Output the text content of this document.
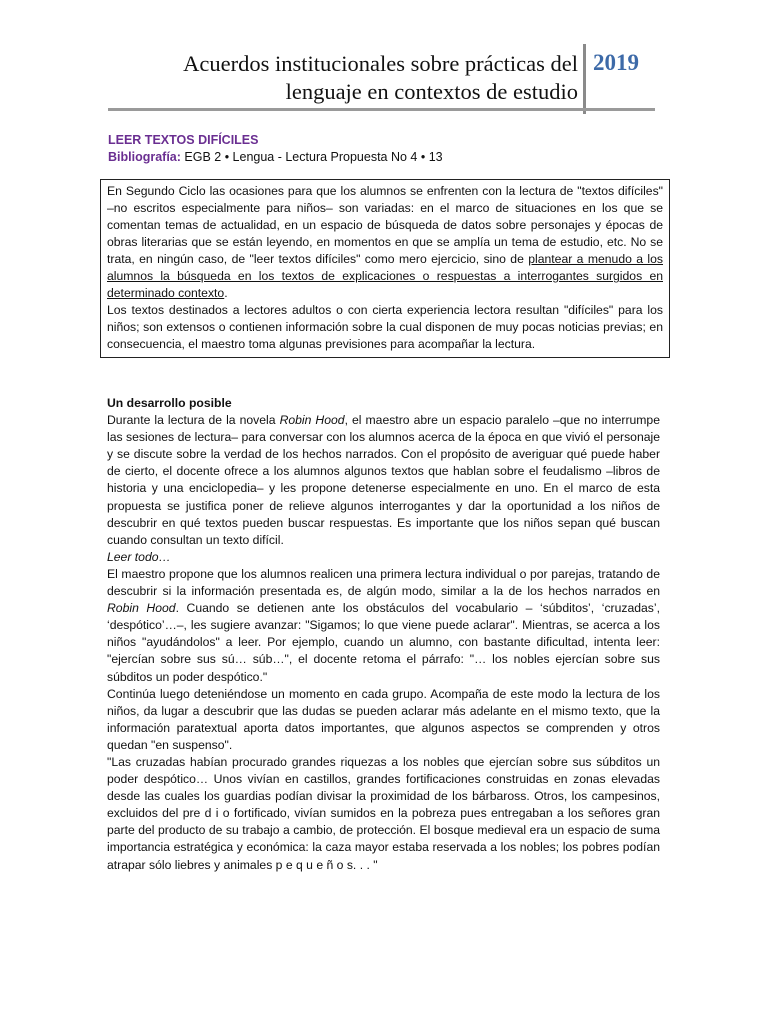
Acuerdos institucionales sobre prácticas del
lenguaje en contextos de estudio
2019
LEER TEXTOS DIFÍCILES
Bibliografía: EGB 2 • Lengua - Lectura Propuesta No 4 • 13

En Segundo Ciclo las ocasiones para que los alumnos se enfrenten con la lectura de "textos difíciles" –no escritos especialmente para niños– son variadas: en el marco de situaciones en los que se comentan temas de actualidad, en un espacio de búsqueda de datos sobre personajes y épocas de obras literarias que se están leyendo, en momentos en que se amplía un tema de estudio, etc. No se trata, en ningún caso, de "leer textos difíciles" como mero ejercicio, sino de plantear a menudo a los alumnos la búsqueda en los textos de explicaciones o respuestas a interrogantes surgidos en determinado contexto.

Los textos destinados a lectores adultos o con cierta experiencia lectora resultan "difíciles" para los niños; son extensos o contienen información sobre la cual disponen de muy pocas noticias previas; en consecuencia, el maestro toma algunas previsiones para acompañar la lectura.

Un desarrollo posible

Durante la lectura de la novela Robin Hood, el maestro abre un espacio paralelo –que no interrumpe las sesiones de lectura– para conversar con los alumnos acerca de la época en que vivió el personaje y se discute sobre la verdad de los hechos narrados. Con el propósito de averiguar qué puede haber de cierto, el docente ofrece a los alumnos algunos textos que hablan sobre el feudalismo –libros de historia y una enciclopedia– y les propone detenerse especialmente en uno. En el marco de esta propuesta se justifica poner de relieve algunos interrogantes y dar la oportunidad a los niños de descubrir en qué textos pueden buscar respuestas. Es importante que los niños sepan qué buscan cuando consultan un texto difícil.

Leer todo…

El maestro propone que los alumnos realicen una primera lectura individual o por parejas, tratando de descubrir si la información presentada es, de algún modo, similar a la de los hechos narrados en Robin Hood. Cuando se detienen ante los obstáculos del vocabulario – ‘súbditos’, ‘cruzadas’, ‘despótico’…–, les sugiere avanzar: "Sigamos; lo que viene puede aclarar". Mientras, se acerca a los niños "ayudándolos" a leer. Por ejemplo, cuando un alumno, con bastante dificultad, intenta leer: "ejercían sobre sus sú… súb…", el docente retoma el párrafo: "… los nobles ejercían sobre sus súbditos un poder despótico."

Continúa luego deteniéndose un momento en cada grupo. Acompaña de este modo la lectura de los niños, da lugar a descubrir que las dudas se pueden aclarar más adelante en el mismo texto, que la información paratextual aporta datos importantes, que algunos aspectos se comprenden y otros quedan "en suspenso".

"Las cruzadas habían procurado grandes riquezas a los nobles que ejercían sobre sus súbditos un poder despótico… Unos vivían en castillos, grandes fortificaciones construidas en zonas elevadas desde las cuales los guardias podían divisar la proximidad de los bárbaross. Otros, los campesinos, excluidos del pre d i o fortificado, vivían sumidos en la pobreza pues entregaban a los señores gran parte del producto de su trabajo a cambio, de protección. El bosque medieval era un espacio de suma importancia estratégica y económica: la caza mayor estaba reservada a los nobles; los pobres podían atrapar sólo liebres y animales p e q u e ñ o s. . . "
